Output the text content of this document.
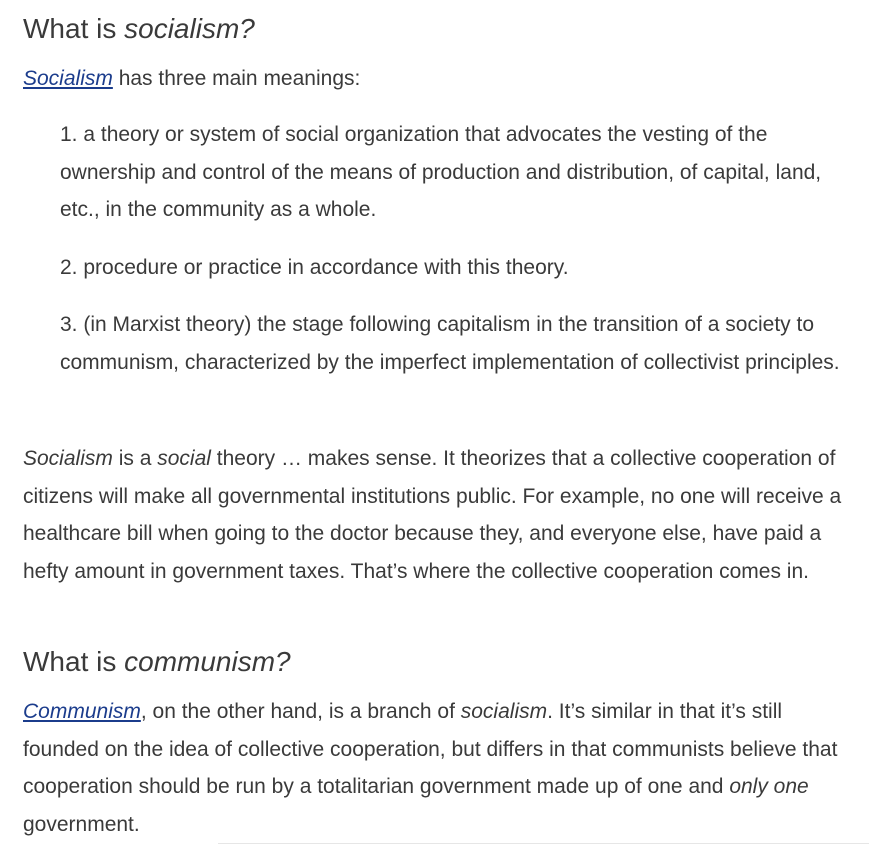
What is socialism?

Socialism has three main meanings:

1. a theory or system of social organization that advocates the vesting of the ownership and control of the means of production and distribution, of capital, land, etc., in the community as a whole.
2. procedure or practice in accordance with this theory.
3. (in Marxist theory) the stage following capitalism in the transition of a society to communism, characterized by the imperfect implementation of collectivist principles.

Socialism is a social theory … makes sense. It theorizes that a collective cooperation of citizens will make all governmental institutions public. For example, no one will receive a healthcare bill when going to the doctor because they, and everyone else, have paid a hefty amount in government taxes. That’s where the collective cooperation comes in.

What is communism?

Communism, on the other hand, is a branch of socialism. It’s similar in that it’s still founded on the idea of collective cooperation, but differs in that communists believe that cooperation should be run by a totalitarian government made up of one and only one government.
